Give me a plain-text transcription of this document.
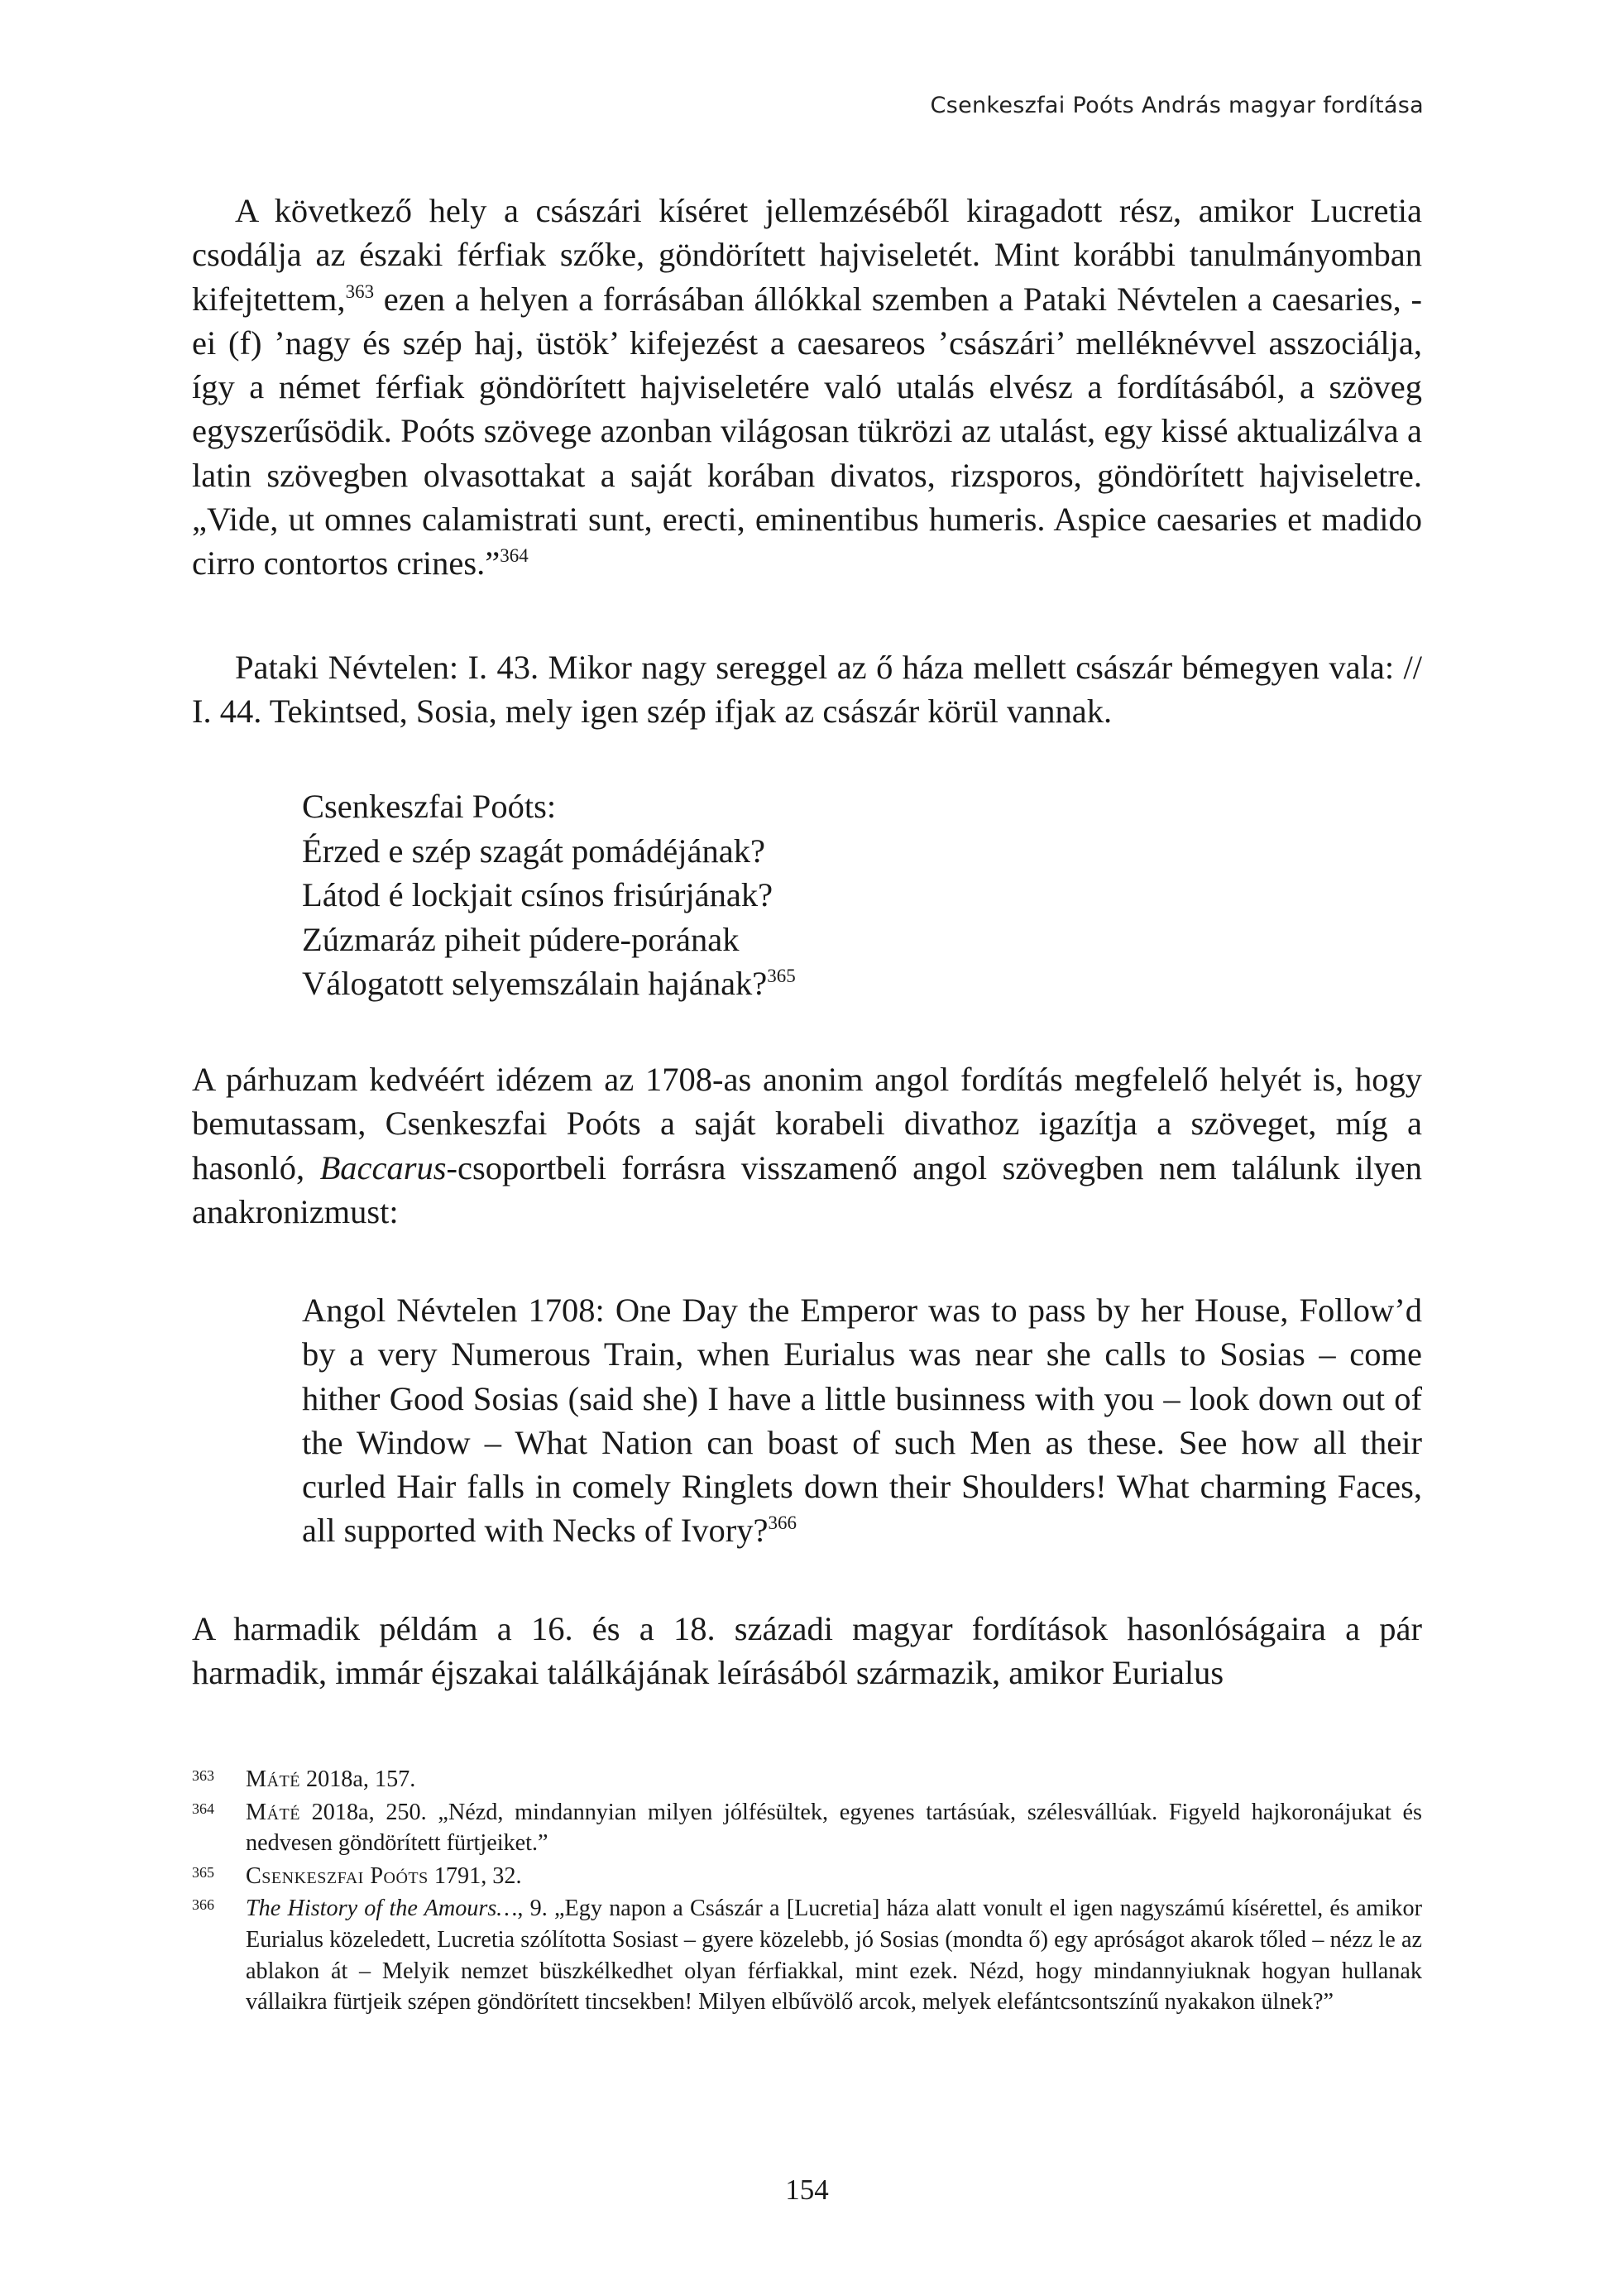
Csenkeszfai Poóts András magyar fordítása

A következő hely a császári kíséret jellemzéséből kiragadott rész, amikor Lucretia csodálja az északi férfiak szőke, göndörített hajviseletét. Mint korábbi tanulmányomban kifejtettem,$^{363}$ ezen a helyen a forrásában állókkal szemben a Pataki Névtelen a caesaries, -ei (f) ’nagy és szép haj, üstök’ kifejezést a caesareos ’császári’ melléknévvel asszociálja, így a német férfiak göndörített hajviseletére való utalás elvész a fordításából, a szöveg egyszerűsödik. Poóts szövege azonban világosan tükrözi az utalást, egy kissé aktualizálva a latin szövegben olvasottakat a saját korában divatos, rizsporos, göndörített hajviseletre. „Vide, ut omnes calamistrati sunt, erecti, eminentibus humeris. Aspice caesaries et madido cirro contortos crines.”$^{364}$

Pataki Névtelen: I. 43. Mikor nagy sereggel az ő háza mellett császár bémegyen vala: // I. 44. Tekintsed, Sosia, mely igen szép ifjak az császár körül vannak.

Csenkeszfai Poóts:
Érzed e szép szagát pomádéjának?
Látod é lockjait csínos frisúrjának?
Zúzmaráz piheit púdere-porának
Válogatott selyemszálain hajának?$^{365}$

A párhuzam kedvéért idézem az 1708-as anonim angol fordítás megfelelő helyét is, hogy bemutassam, Csenkeszfai Poóts a saját korabeli divathoz igazítja a szöveget, míg a hasonló, Baccarus-csoportbeli forrásra visszamenő angol szövegben nem találunk ilyen anakronizmust:

Angol Névtelen 1708: One Day the Emperor was to pass by her House, Follow’d by a very Numerous Train, when Eurialus was near she calls to Sosias – come hither Good Sosias (said she) I have a little businness with you – look down out of the Window – What Nation can boast of such Men as these. See how all their curled Hair falls in comely Ringlets down their Shoulders! What charming Faces, all supported with Necks of Ivory?$^{366}$

A harmadik példám a 16. és a 18. századi magyar fordítások hasonlóságaira a pár harmadik, immár éjszakai találkájának leírásából származik, amikor Eurialus

363 Máté 2018a, 157.
364 Máté 2018a, 250. „Nézd, mindannyian milyen jólfésültek, egyenes tartásúak, szélesvállúak. Figyeld hajkoronájukat és nedvesen göndörített fürtjeiket.”
365 Csenkeszfai Poóts 1791, 32.
366 The History of the Amours…, 9. „Egy napon a Császár a [Lucretia] háza alatt vonult el igen nagyszámú kísérettel, és amikor Eurialus közeledett, Lucretia szólította Sosiast – gyere közelebb, jó Sosias (mondta ő) egy apróságot akarok tőled – nézz le az ablakon át – Melyik nemzet büszkélkedhet olyan férfiakkal, mint ezek. Nézd, hogy mindannyiuknak hogyan hullanak vállaikra fürtjeik szépen göndörített tincsekben! Milyen elbűvölő arcok, melyek elefántcsontszínű nyakakon ülnek?”
154
